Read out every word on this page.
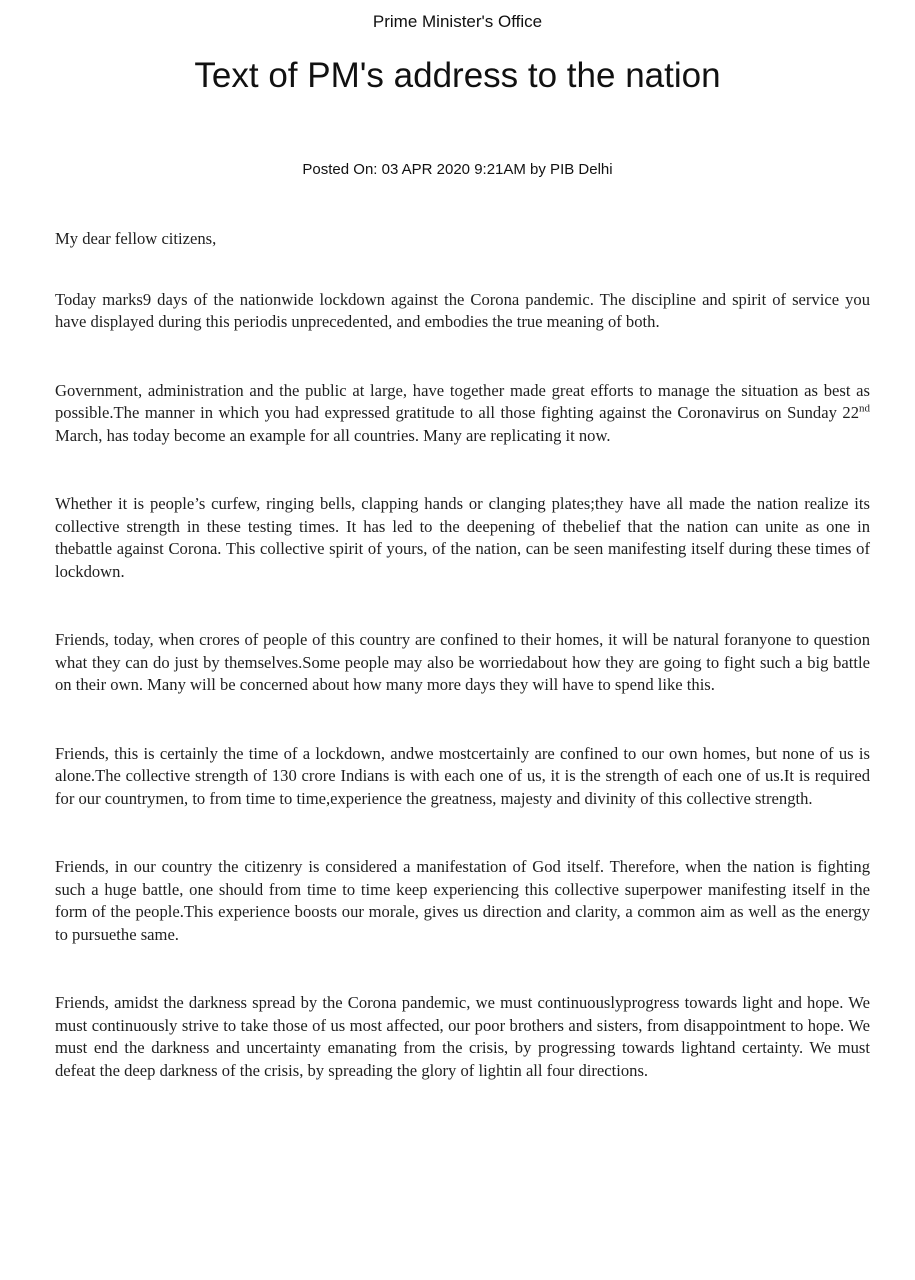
Prime Minister's Office
Text of PM's address to the nation
Posted On: 03 APR 2020 9:21AM by PIB Delhi

My dear fellow citizens,

Today marks9 days of the nationwide lockdown against the Corona pandemic. The discipline and spirit of service you have displayed during this periodis unprecedented, and embodies the true meaning of both.

Government, administration and the public at large, have together made great efforts to manage the situation as best as possible.The manner in which you had expressed gratitude to all those fighting against the Coronavirus on Sunday 22nd March, has today become an example for all countries. Many are replicating it now.

Whether it is people’s curfew, ringing bells, clapping hands or clanging plates;they have all made the nation realize its collective strength in these testing times. It has led to the deepening of thebelief that the nation can unite as one in thebattle against Corona. This collective spirit of yours, of the nation, can be seen manifesting itself during these times of lockdown.

Friends, today, when crores of people of this country are confined to their homes, it will be natural foranyone to question what they can do just by themselves.Some people may also be worriedabout how they are going to fight such a big battle on their own. Many will be concerned about how many more days they will have to spend like this.

Friends, this is certainly the time of a lockdown, andwe mostcertainly are confined to our own homes, but none of us is alone.The collective strength of 130 crore Indians is with each one of us, it is the strength of each one of us.It is required for our countrymen, to from time to time,experience the greatness, majesty and divinity of this collective strength.

Friends, in our country the citizenry is considered a manifestation of God itself. Therefore, when the nation is fighting such a huge battle, one should from time to time keep experiencing this collective superpower manifesting itself in the form of the people.This experience boosts our morale, gives us direction and clarity, a common aim as well as the energy to pursuethe same.

Friends, amidst the darkness spread by the Corona pandemic, we must continuouslyprogress towards light and hope. We must continuously strive to take those of us most affected, our poor brothers and sisters, from disappointment to hope. We must end the darkness and uncertainty emanating from the crisis, by progressing towards lightand certainty. We must defeat the deep darkness of the crisis, by spreading the glory of lightin all four directions.
